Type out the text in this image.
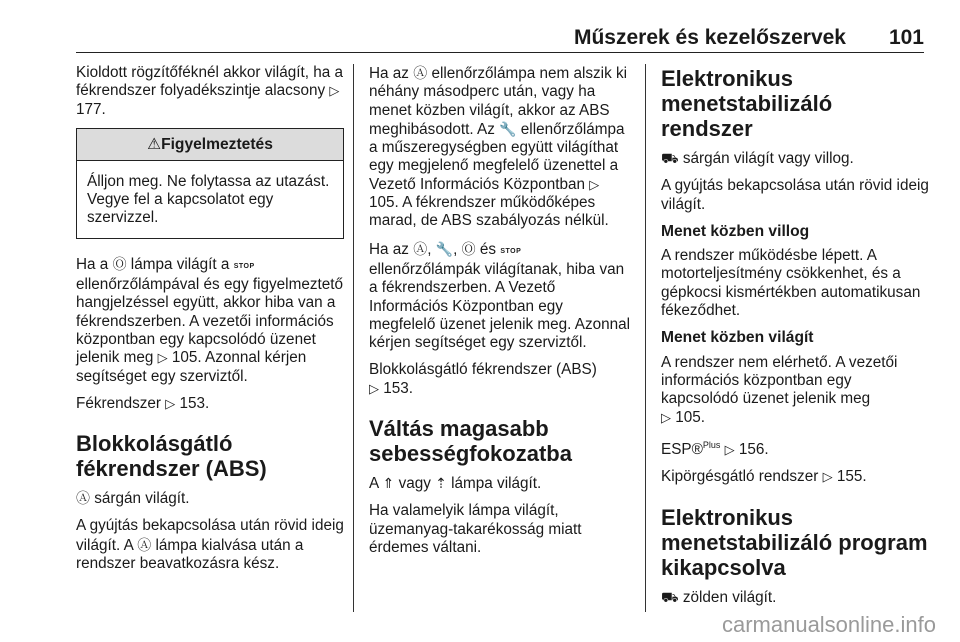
Műszerek és kezelőszervek 101

Kioldott rögzítőféknél akkor világít, ha a fékrendszer folyadékszintje alacsony ▷ 177.

⚠Figyelmeztetés
Álljon meg. Ne folytassa az utazást. Vegye fel a kapcsolatot egy szervizzel.

Ha a Ⓞ lámpa világít a STOP ellenőrzőlámpával és egy figyelmeztető hangjelzéssel együtt, akkor hiba van a fékrendszerben. A vezetői információs központban egy kapcsolódó üzenet jelenik meg ▷ 105. Azonnal kérjen segítséget egy szerviztől.

Fékrendszer ▷ 153.

Blokkolásgátló fékrendszer (ABS)

Ⓐ sárgán világít.

A gyújtás bekapcsolása után rövid ideig világít. A Ⓐ lámpa kialvása után a rendszer beavatkozásra kész.

Ha az Ⓐ ellenőrzőlámpa nem alszik ki néhány másodperc után, vagy ha menet közben világít, akkor az ABS meghibásodott. Az 🔧 ellenőrzőlámpa a műszeregységben együtt világíthat egy megjelenő megfelelő üzenettel a Vezető Információs Központban ▷ 105. A fékrendszer működőképes marad, de ABS szabályozás nélkül.

Ha az Ⓐ, 🔧, Ⓞ és STOP ellenőrzőlámpák világítanak, hiba van a fékrendszerben. A Vezető Információs Központban egy megfelelő üzenet jelenik meg. Azonnal kérjen segítséget egy szerviztől.

Blokkolásgátló fékrendszer (ABS)
▷ 153.

Váltás magasabb sebességfokozatba

A ⇑ vagy ⇡ lámpa világít.

Ha valamelyik lámpa világít, üzemanyag-takarékosság miatt érdemes váltani.

Elektronikus menetstabilizáló rendszer

⛟ sárgán világít vagy villog.

A gyújtás bekapcsolása után rövid ideig világít.

Menet közben villog

A rendszer működésbe lépett. A motorteljesítmény csökkenhet, és a gépkocsi kismértékben automatikusan fékeződhet.

Menet közben világít

A rendszer nem elérhető. A vezetői információs központban egy kapcsolódó üzenet jelenik meg
▷ 105.

ESP®$^{Plus}$ ▷ 156.

Kipörgésgátló rendszer ▷ 155.

Elektronikus menetstabilizáló program kikapcsolva

⛟ zölden világít.

carmanualsonline.info
